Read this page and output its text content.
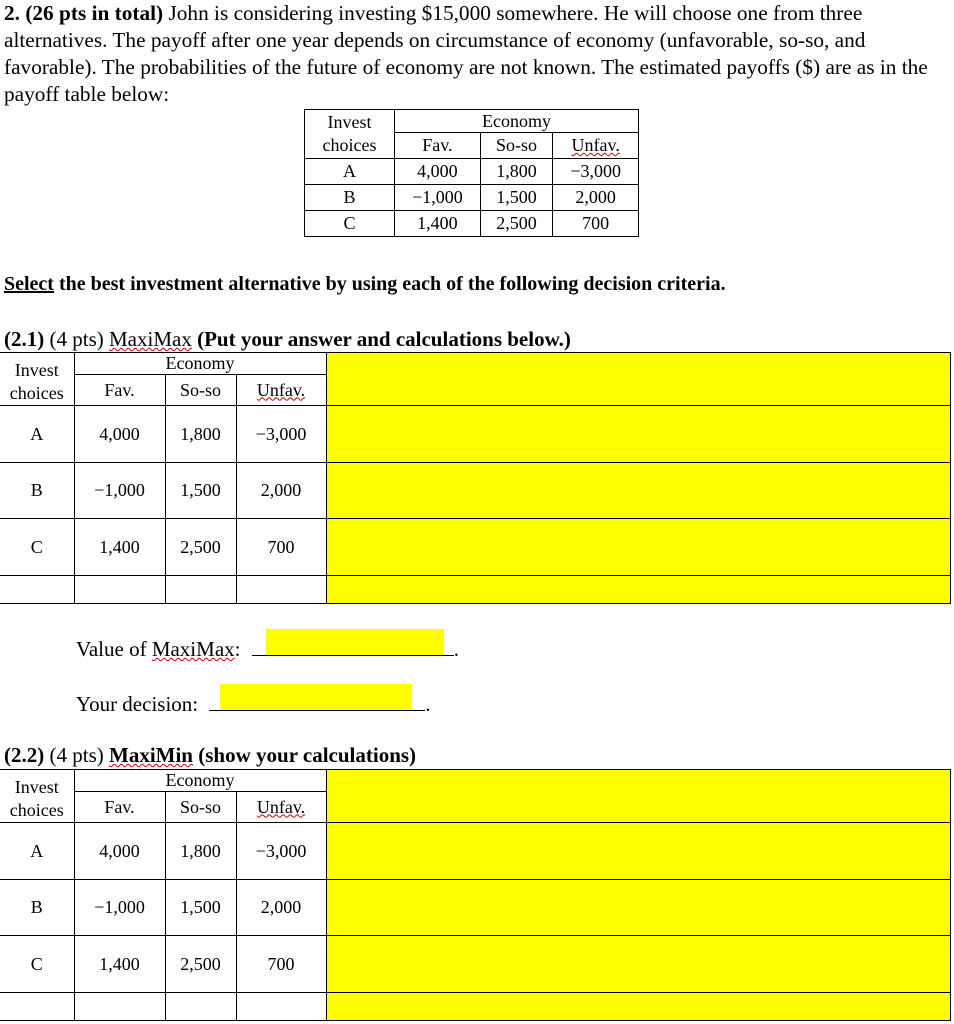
2. (26 pts in total) John is considering investing $15,000 somewhere. He will choose one from three alternatives. The payoff after one year depends on circumstance of economy (unfavorable, so-so, and favorable). The probabilities of the future of economy are not known. The estimated payoffs ($) are as in the payoff table below:
Invest
choices	Economy		
	Fav.	So-so	Unfav.
A	4,000	1,800	−3,000
B	−1,000	1,500	2,000
C	1,400	2,500	700
Select the best investment alternative by using each of the following decision criteria.
(2.1) (4 pts) MaxiMax (Put your answer and calculations below.)
Invest
choices	Economy			
	Fav.	So-so	Unfav.	
A	4,000	1,800	−3,000	
B	−1,000	1,500	2,000	
C	1,400	2,500	700	

Value of MaxiMax:	.
Your decision:	.
(2.2) (4 pts) MaxiMin (show your calculations)
Invest
choices	Economy			
	Fav.	So-so	Unfav.	
A	4,000	1,800	−3,000	
B	−1,000	1,500	2,000	
C	1,400	2,500	700	
